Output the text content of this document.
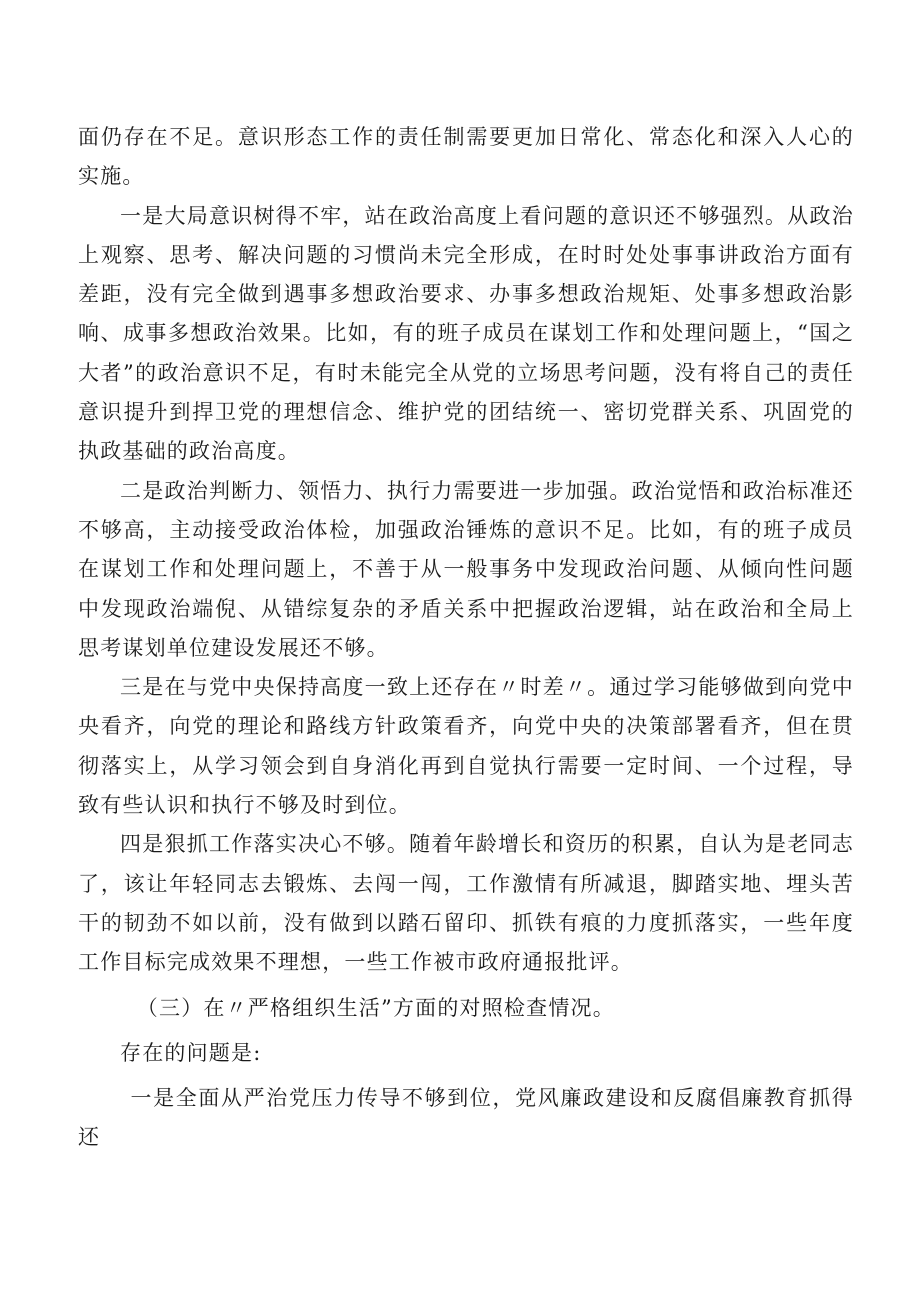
面仍存在不足。意识形态工作的责任制需要更加日常化、常态化和深入人心的实施。

一是大局意识树得不牢，站在政治高度上看问题的意识还不够强烈。从政治上观察、思考、解决问题的习惯尚未完全形成，在时时处处事事讲政治方面有差距，没有完全做到遇事多想政治要求、办事多想政治规矩、处事多想政治影响、成事多想政治效果。比如，有的班子成员在谋划工作和处理问题上，“国之大者”的政治意识不足，有时未能完全从党的立场思考问题，没有将自己的责任意识提升到捍卫党的理想信念、维护党的团结统一、密切党群关系、巩固党的执政基础的政治高度。

二是政治判断力、领悟力、执行力需要进一步加强。政治觉悟和政治标准还不够高，主动接受政治体检，加强政治锤炼的意识不足。比如，有的班子成员在谋划工作和处理问题上，不善于从一般事务中发现政治问题、从倾向性问题中发现政治端倪、从错综复杂的矛盾关系中把握政治逻辑，站在政治和全局上思考谋划单位建设发展还不够。

三是在与党中央保持高度一致上还存在〃时差〃。通过学习能够做到向党中央看齐，向党的理论和路线方针政策看齐，向党中央的决策部署看齐，但在贯彻落实上，从学习领会到自身消化再到自觉执行需要一定时间、一个过程，导致有些认识和执行不够及时到位。

四是狠抓工作落实决心不够。随着年龄增长和资历的积累，自认为是老同志了，该让年轻同志去锻炼、去闯一闯，工作激情有所减退，脚踏实地、埋头苦干的韧劲不如以前，没有做到以踏石留印、抓铁有痕的力度抓落实，一些年度工作目标完成效果不理想，一些工作被市政府通报批评。

（三）在〃严格组织生活”方面的对照检查情况。

存在的问题是:

一是全面从严治党压力传导不够到位，党风廉政建设和反腐倡廉教育抓得还
